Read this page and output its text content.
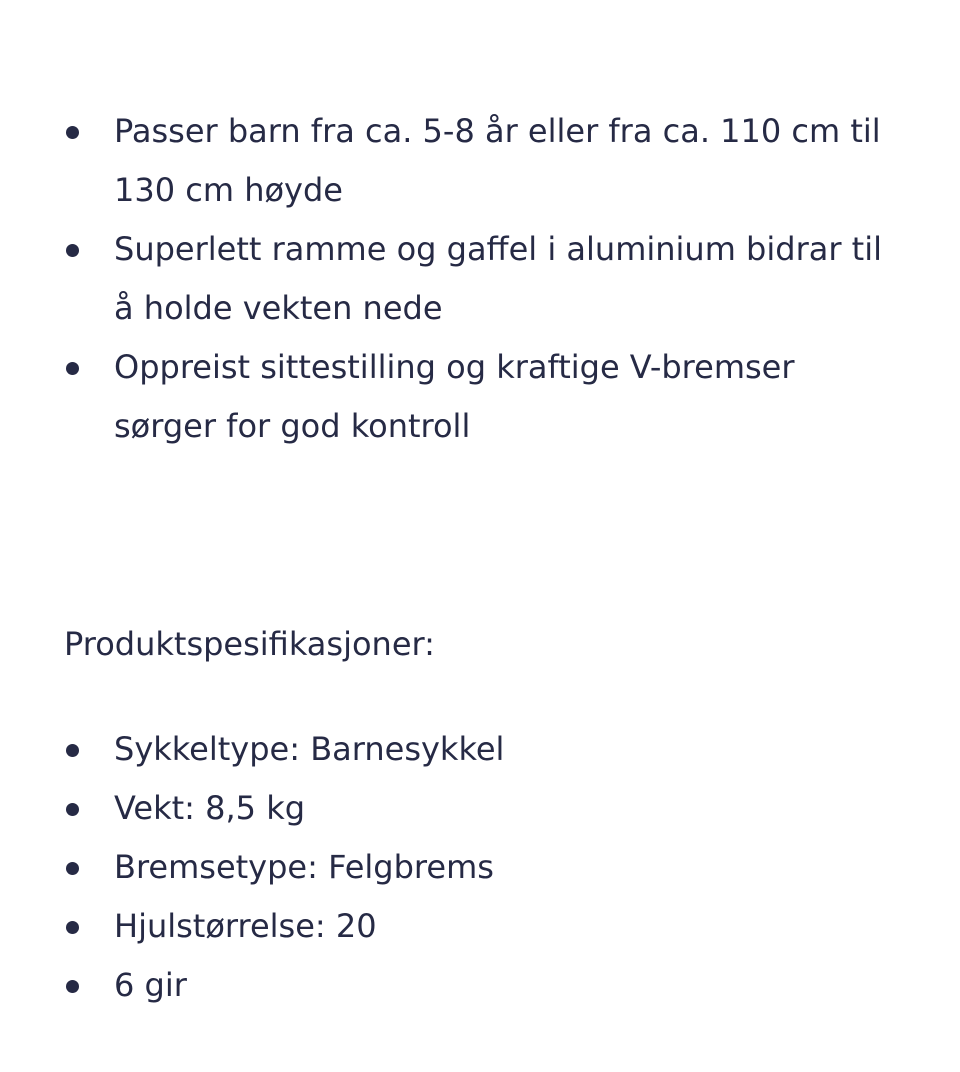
Passer barn fra ca. 5-8 år eller fra ca. 110 cm til 130 cm høyde
Superlett ramme og gaffel i aluminium bidrar til å holde vekten nede
Oppreist sittestilling og kraftige V-bremser sørger for god kontroll
Produktspesifikasjoner:
Sykkeltype: Barnesykkel
Vekt: 8,5 kg
Bremsetype: Felgbrems
Hjulstørrelse: 20
6 gir
